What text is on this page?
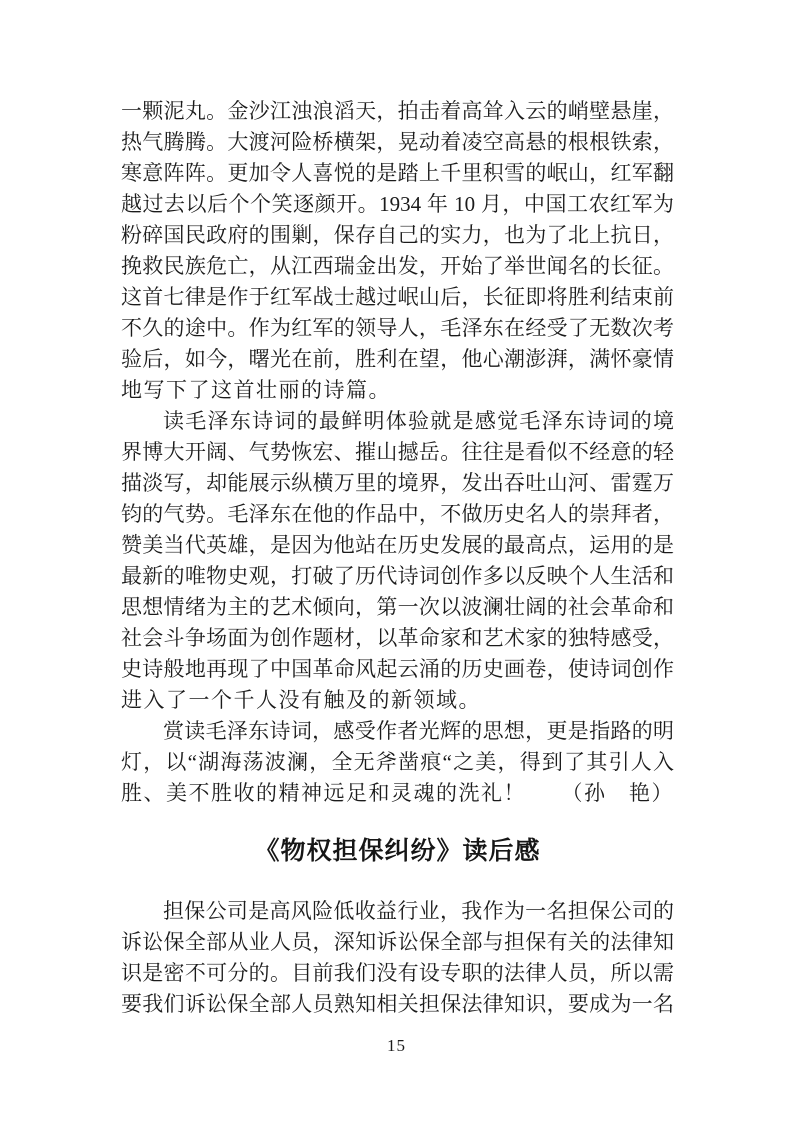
一颗泥丸。金沙江浊浪滔天，拍击着高耸入云的峭壁悬崖，
热气腾腾。大渡河险桥横架，晃动着凌空高悬的根根铁索，
寒意阵阵。更加令人喜悦的是踏上千里积雪的岷山，红军翻
越过去以后个个笑逐颜开。1934 年 10 月，中国工农红军为
粉碎国民政府的围剿，保存自己的实力，也为了北上抗日，
挽救民族危亡，从江西瑞金出发，开始了举世闻名的长征。
这首七律是作于红军战士越过岷山后，长征即将胜利结束前
不久的途中。作为红军的领导人，毛泽东在经受了无数次考
验后，如今，曙光在前，胜利在望，他心潮澎湃，满怀豪情
地写下了这首壮丽的诗篇。
读毛泽东诗词的最鲜明体验就是感觉毛泽东诗词的境
界博大开阔、气势恢宏、摧山撼岳。往往是看似不经意的轻
描淡写，却能展示纵横万里的境界，发出吞吐山河、雷霆万
钧的气势。毛泽东在他的作品中，不做历史名人的崇拜者，
赞美当代英雄，是因为他站在历史发展的最高点，运用的是
最新的唯物史观，打破了历代诗词创作多以反映个人生活和
思想情绪为主的艺术倾向，第一次以波澜壮阔的社会革命和
社会斗争场面为创作题材，以革命家和艺术家的独特感受，
史诗般地再现了中国革命风起云涌的历史画卷，使诗词创作
进入了一个千人没有触及的新领域。
赏读毛泽东诗词，感受作者光辉的思想，更是指路的明
灯，以“湖海荡波澜，全无斧凿痕“之美，得到了其引人入
胜、美不胜收的精神远足和灵魂的洗礼！ （孙　艳）
《物权担保纠纷》读后感
担保公司是高风险低收益行业，我作为一名担保公司的
诉讼保全部从业人员，深知诉讼保全部与担保有关的法律知
识是密不可分的。目前我们没有设专职的法律人员，所以需
要我们诉讼保全部人员熟知相关担保法律知识，要成为一名
15
